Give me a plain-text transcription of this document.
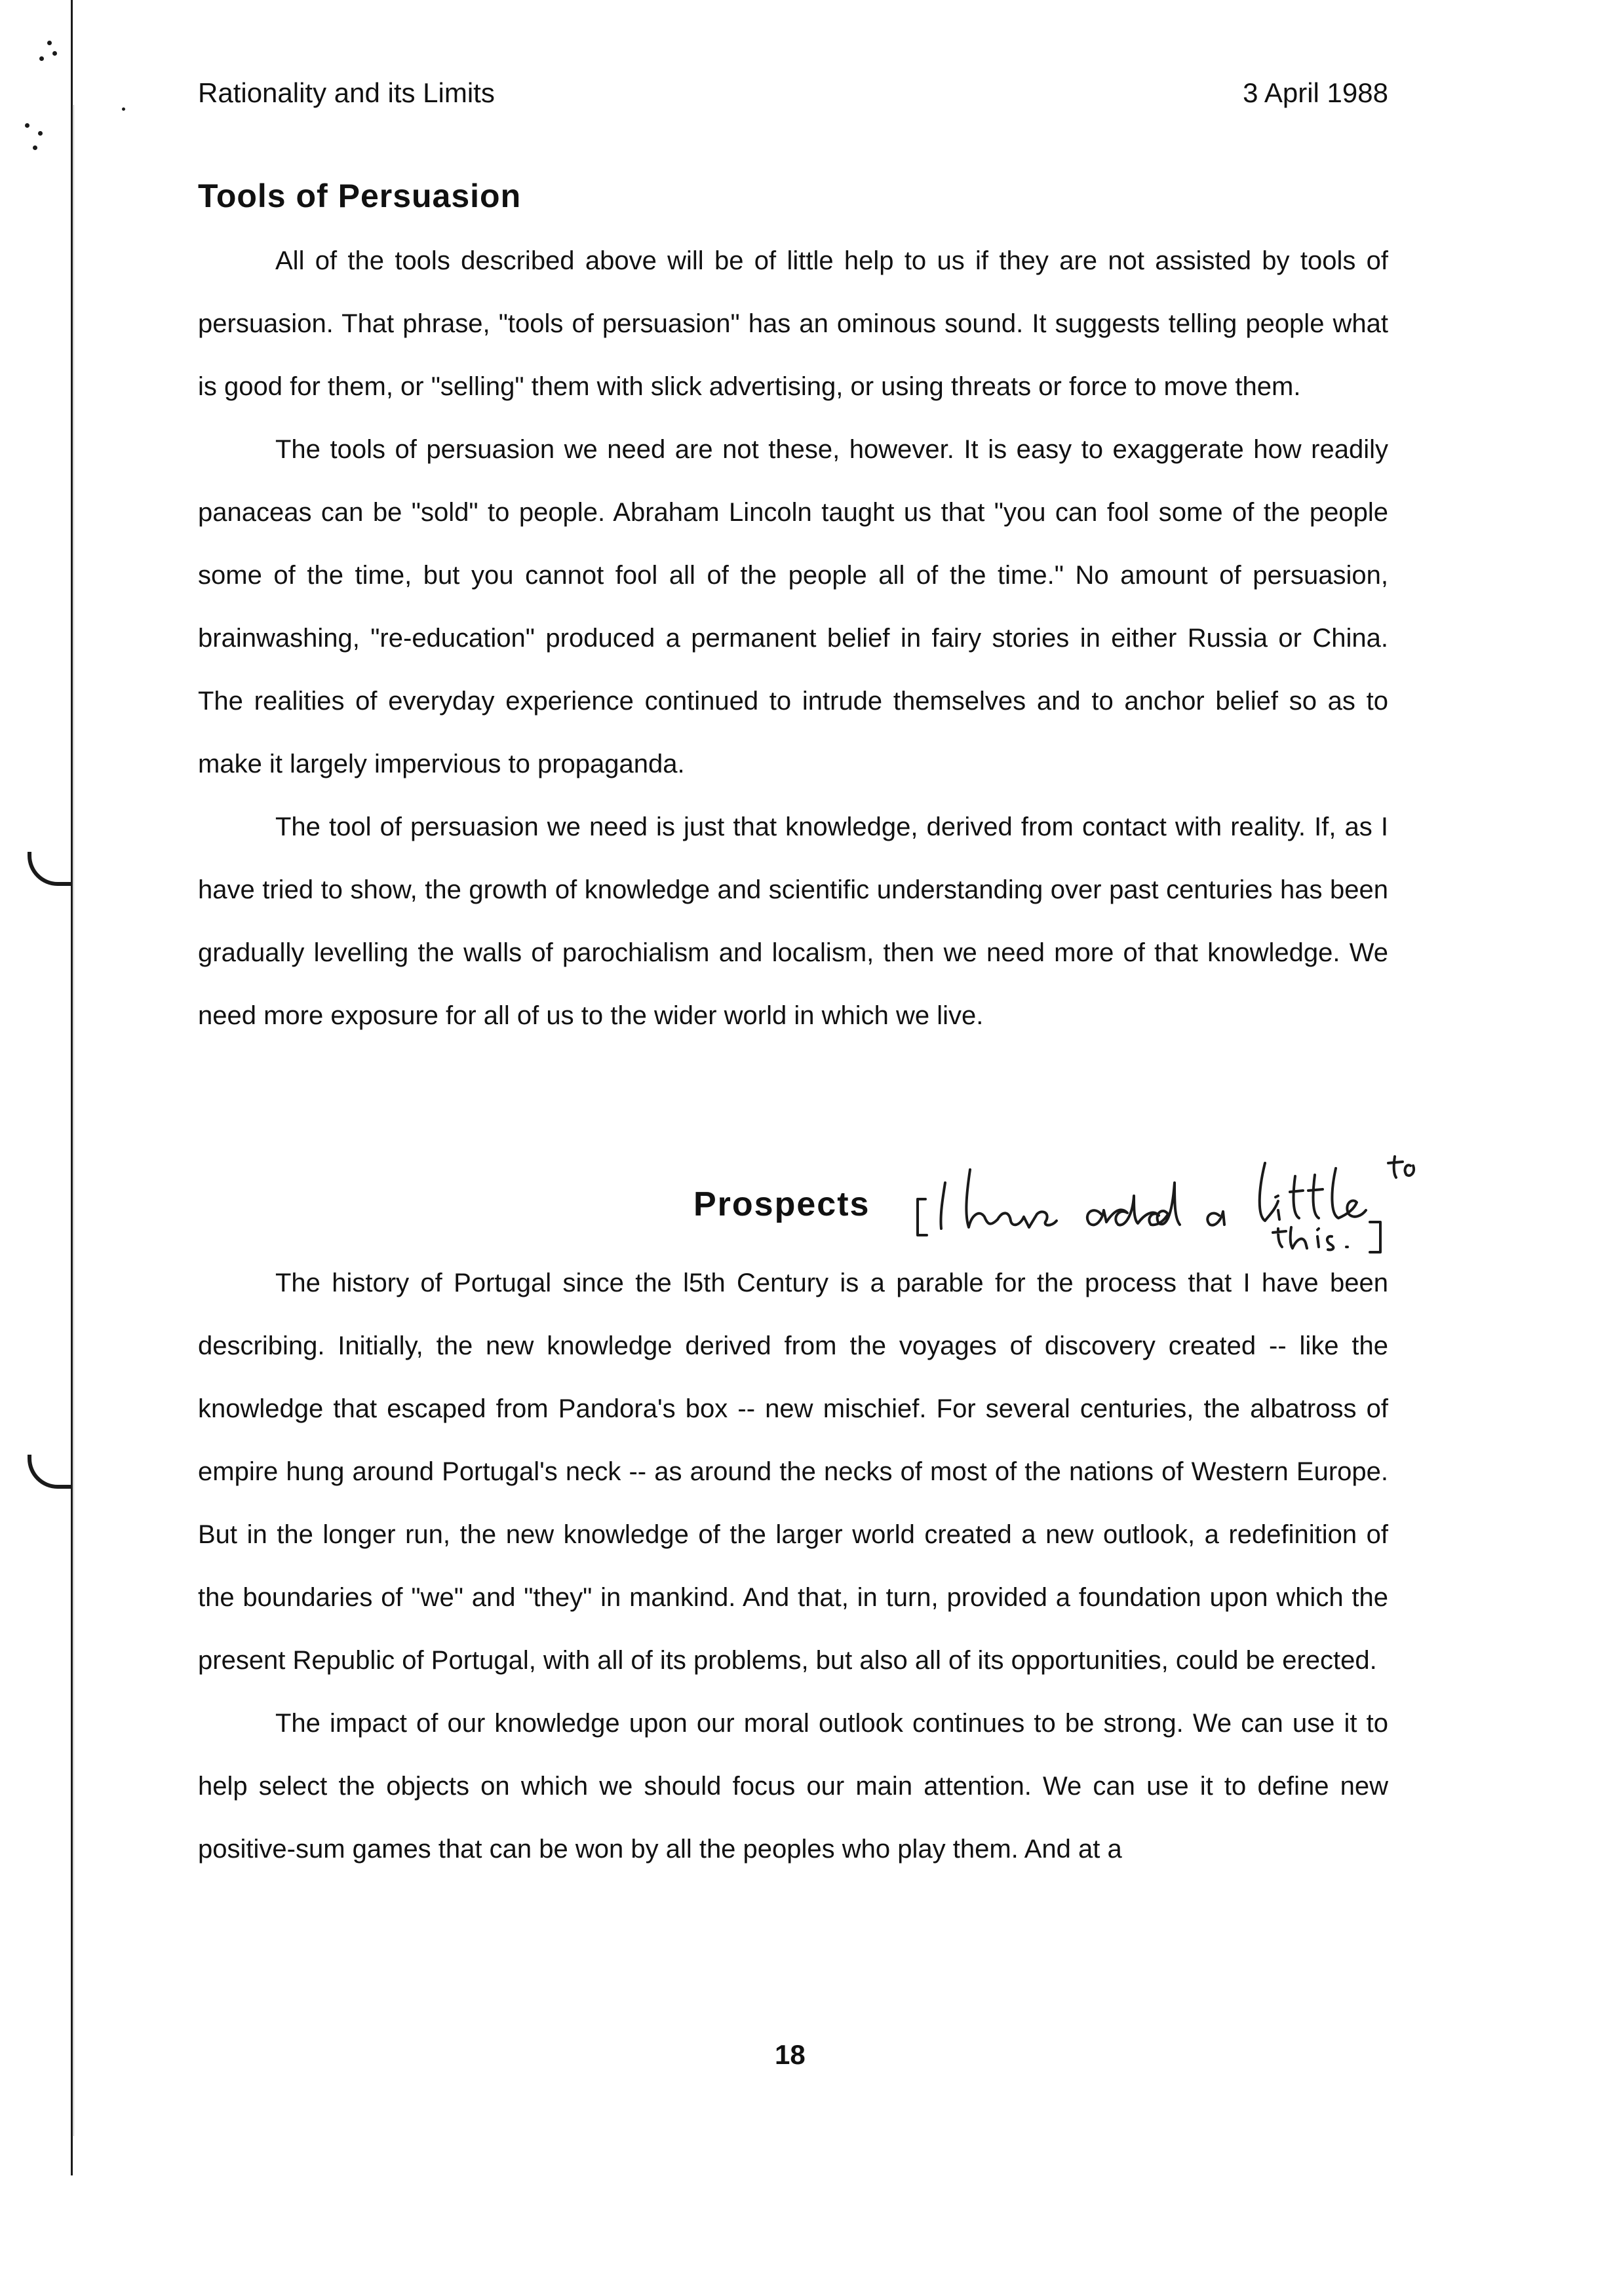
Rationality and its Limits	3 April 1988
Tools of Persuasion

All of the tools described above will be of little help to us if they are not assisted by tools of persuasion. That phrase, "tools of persuasion" has an ominous sound. It suggests telling people what is good for them, or "selling" them with slick advertising, or using threats or force to move them.

The tools of persuasion we need are not these, however. It is easy to exaggerate how readily panaceas can be "sold" to people. Abraham Lincoln taught us that "you can fool some of the people some of the time, but you cannot fool all of the people all of the time." No amount of persuasion, brainwashing, "re-education" produced a permanent belief in fairy stories in either Russia or China. The realities of everyday experience continued to intrude themselves and to anchor belief so as to make it largely impervious to propaganda.

The tool of persuasion we need is just that knowledge, derived from contact with reality. If, as I have tried to show, the growth of knowledge and scientific understanding over past centuries has been gradually levelling the walls of parochialism and localism, then we need more of that knowledge. We need more exposure for all of us to the wider world in which we live.

Prospects

The history of Portugal since the l5th Century is a parable for the process that I have been describing. Initially, the new knowledge derived from the voyages of discovery created -- like the knowledge that escaped from Pandora's box -- new mischief. For several centuries, the albatross of empire hung around Portugal's neck -- as around the necks of most of the nations of Western Europe. But in the longer run, the new knowledge of the larger world created a new outlook, a redefinition of the boundaries of "we" and "they" in mankind. And that, in turn, provided a foundation upon which the present Republic of Portugal, with all of its problems, but also all of its opportunities, could be erected.

The impact of our knowledge upon our moral outlook continues to be strong. We can use it to help select the objects on which we should focus our main attention. We can use it to define new positive-sum games that can be won by all the peoples who play them. And at a

18
